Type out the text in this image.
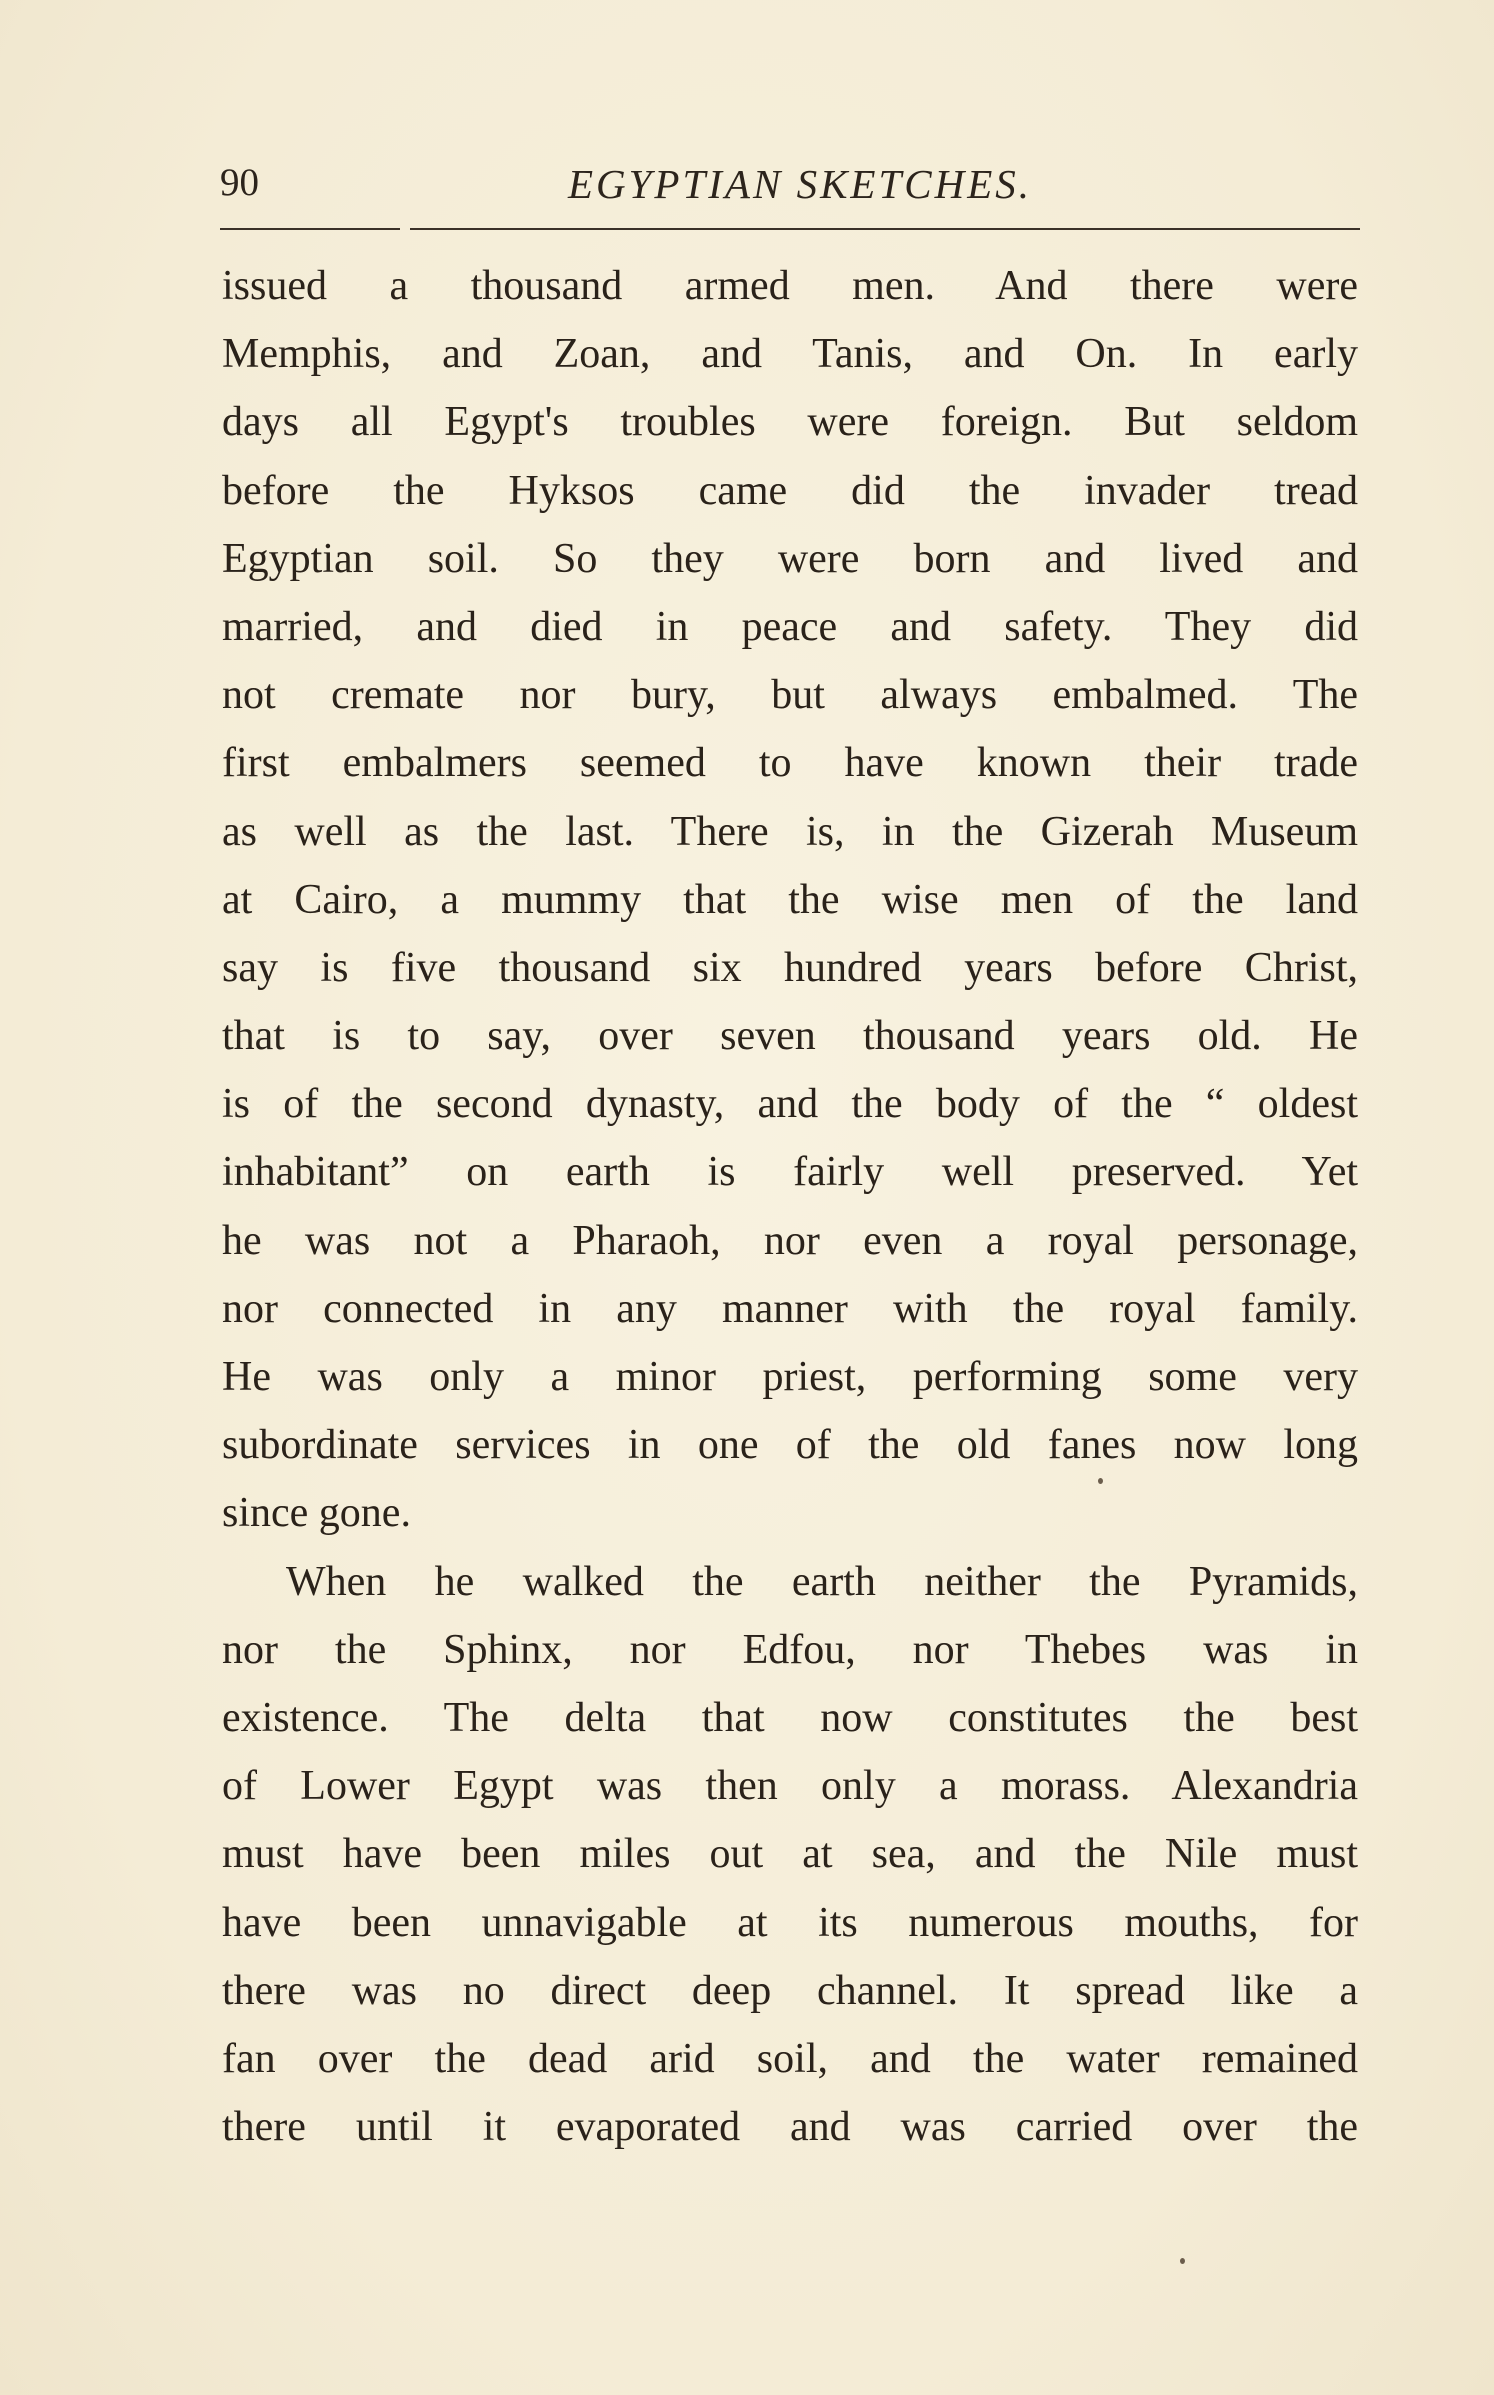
90	EGYPTIAN SKETCHES.
issued a thousand armed men. And there were
Memphis, and Zoan, and Tanis, and On. In early
days all Egypt's troubles were foreign. But seldom
before the Hyksos came did the invader tread
Egyptian soil. So they were born and lived and
married, and died in peace and safety. They did
not cremate nor bury, but always embalmed. The
first embalmers seemed to have known their trade
as well as the last. There is, in the Gizerah Museum
at Cairo, a mummy that the wise men of the land
say is five thousand six hundred years before Christ,
that is to say, over seven thousand years old. He
is of the second dynasty, and the body of the “ oldest
inhabitant” on earth is fairly well preserved. Yet
he was not a Pharaoh, nor even a royal personage,
nor connected in any manner with the royal family.
He was only a minor priest, performing some very
subordinate services in one of the old fanes now long
since gone.
When he walked the earth neither the Pyramids,
nor the Sphinx, nor Edfou, nor Thebes was in
existence. The delta that now constitutes the best
of Lower Egypt was then only a morass. Alexandria
must have been miles out at sea, and the Nile must
have been unnavigable at its numerous mouths, for
there was no direct deep channel. It spread like a
fan over the dead arid soil, and the water remained
there until it evaporated and was carried over the
